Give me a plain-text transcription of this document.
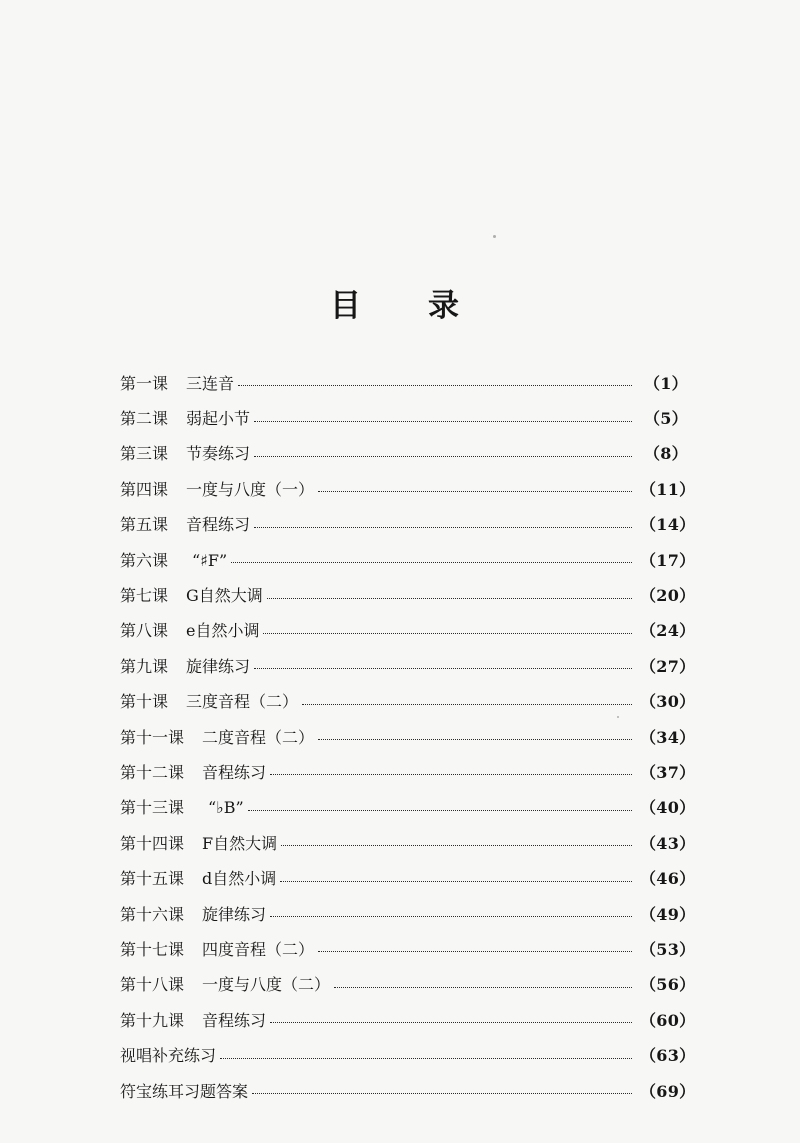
目 录
第一课	三连音	（1）
第二课	弱起小节	（5）
第三课	节奏练习	（8）
第四课	一度与八度（一）	（11）
第五课	音程练习	（14）
第六课	“♯F”	（17）
第七课	G自然大调	（20）
第八课	e自然小调	（24）
第九课	旋律练习	（27）
第十课	三度音程（二）	（30）
第十一课	二度音程（二）	（34）
第十二课	音程练习	（37）
第十三课	“♭B”	（40）
第十四课	F自然大调	（43）
第十五课	d自然小调	（46）
第十六课	旋律练习	（49）
第十七课	四度音程（二）	（53）
第十八课	一度与八度（二）	（56）
第十九课	音程练习	（60）
视唱补充练习	（63）
符宝练耳习题答案	（69）
